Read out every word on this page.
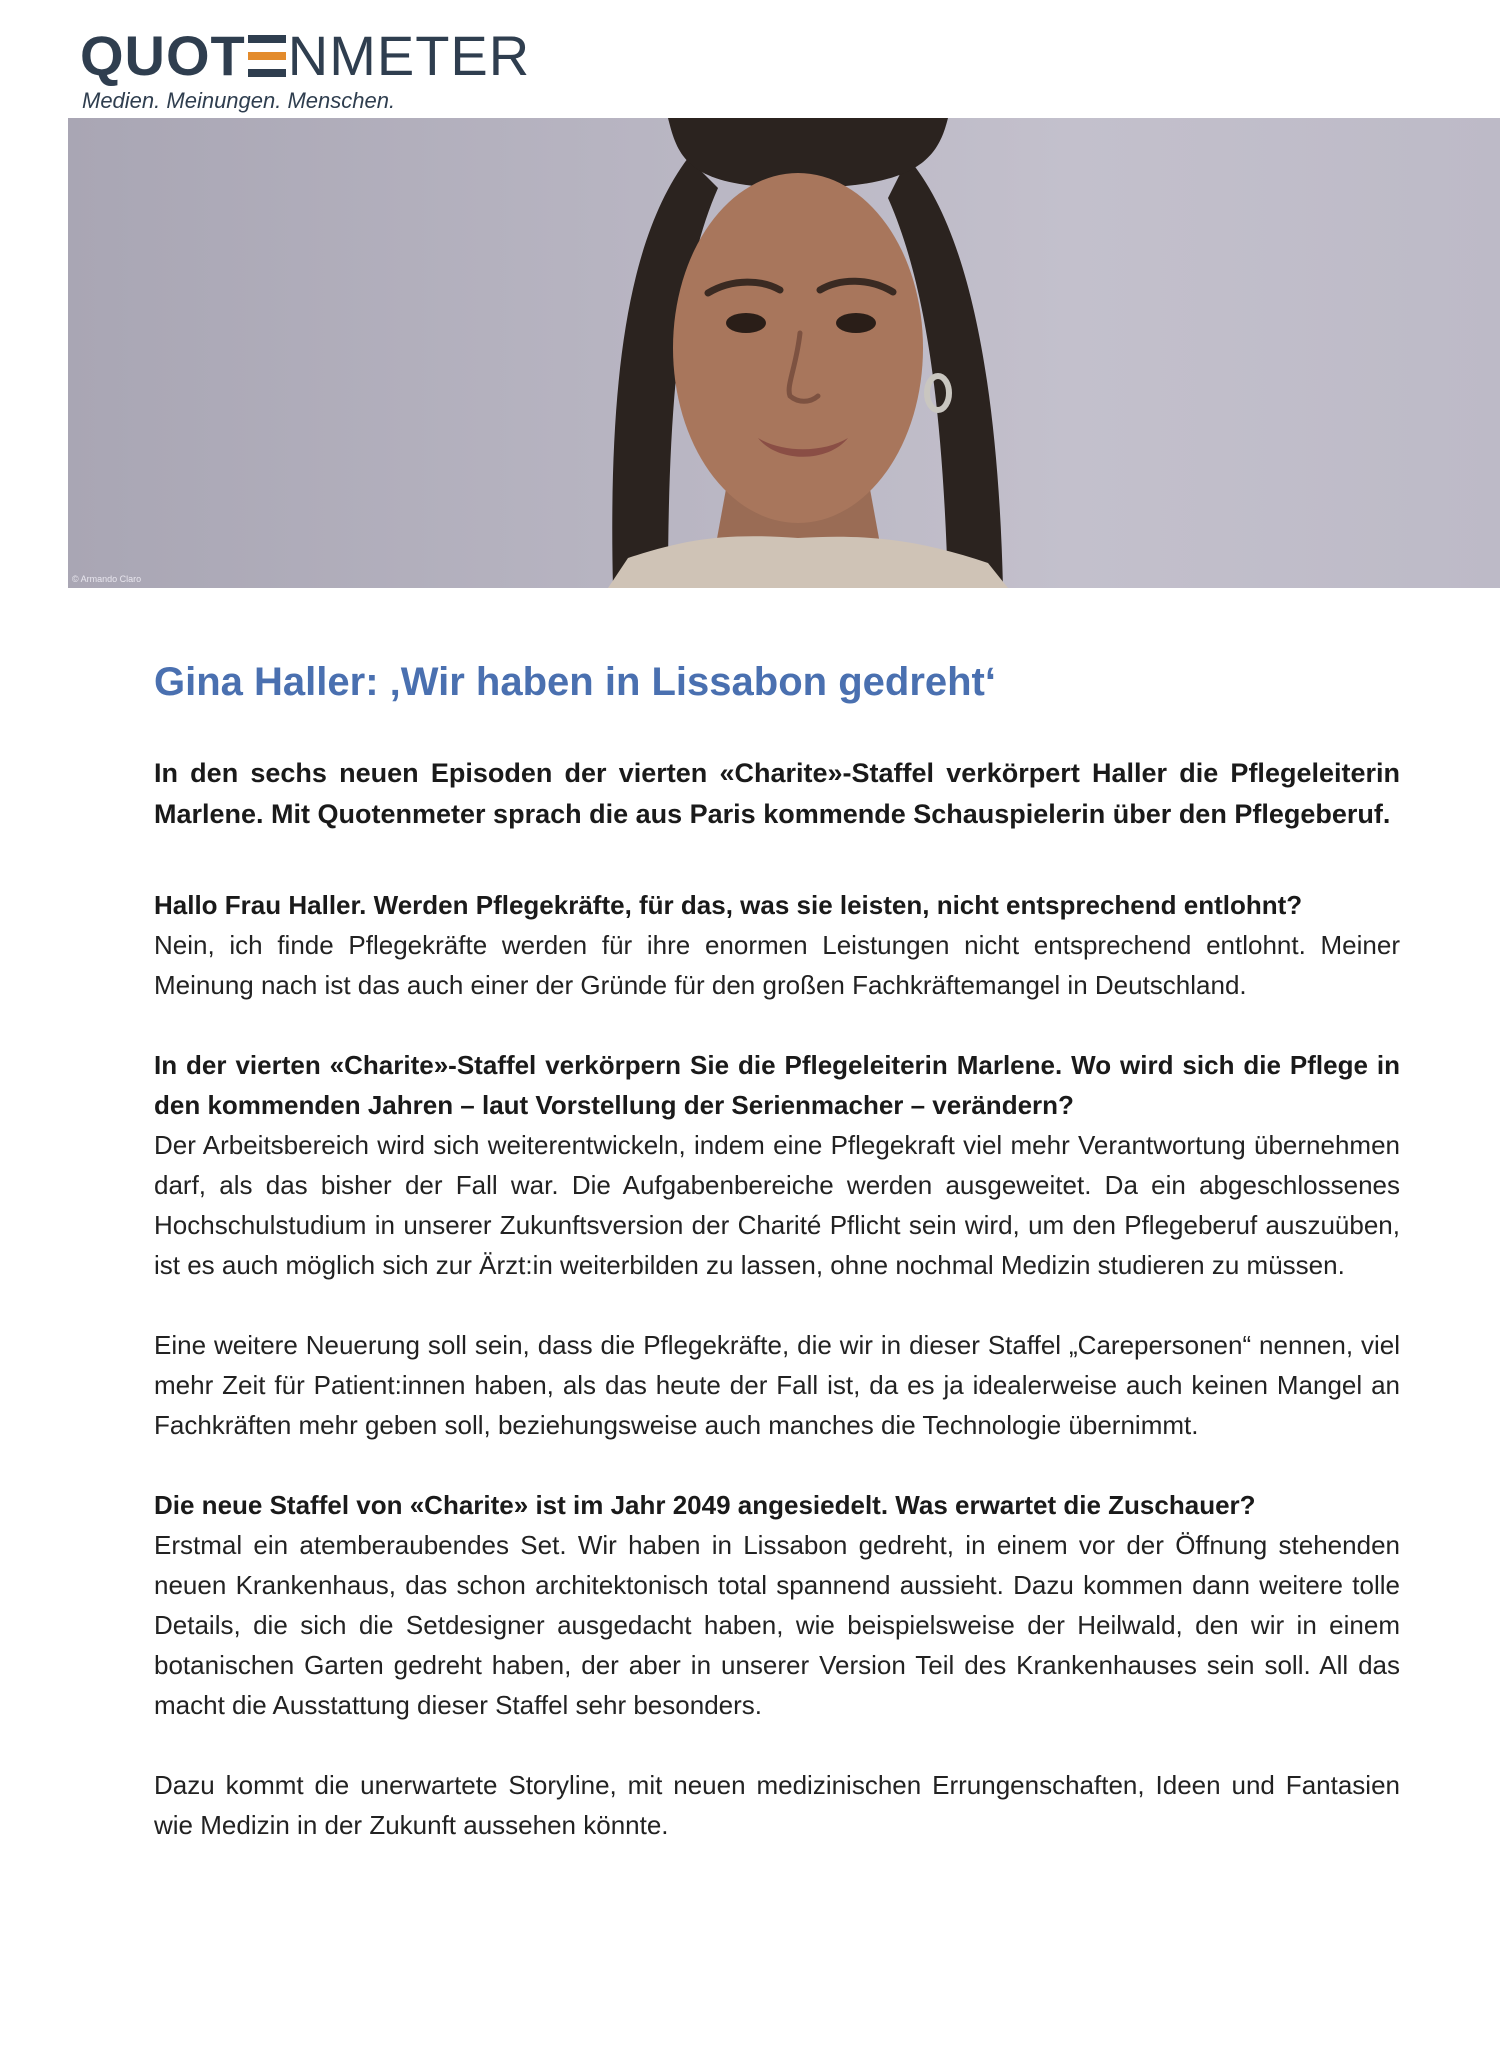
QUOT NMETER
Medien. Meinungen. Menschen.
© Armando Claro
Gina Haller: ‚Wir haben in Lissabon gedreht‘

In den sechs neuen Episoden der vierten «Charite»-Staffel verkörpert Haller die Pflegeleiterin Marlene. Mit Quotenmeter sprach die aus Paris kommende Schauspielerin über den Pflegeberuf.

Hallo Frau Haller. Werden Pflegekräfte, für das, was sie leisten, nicht entsprechend entlohnt?

Nein, ich finde Pflegekräfte werden für ihre enormen Leistungen nicht entsprechend entlohnt. Meiner Meinung nach ist das auch einer der Gründe für den großen Fachkräftemangel in Deutschland.

In der vierten «Charite»-Staffel verkörpern Sie die Pflegeleiterin Marlene. Wo wird sich die Pflege in den kommenden Jahren – laut Vorstellung der Serienmacher – verändern?

Der Arbeitsbereich wird sich weiterentwickeln, indem eine Pflegekraft viel mehr Verantwortung übernehmen darf, als das bisher der Fall war. Die Aufgabenbereiche werden ausgeweitet. Da ein abgeschlossenes Hochschulstudium in unserer Zukunftsversion der Charité Pflicht sein wird, um den Pflegeberuf auszuüben, ist es auch möglich sich zur Ärzt:in weiterbilden zu lassen, ohne nochmal Medizin studieren zu müssen.

Eine weitere Neuerung soll sein, dass die Pflegekräfte, die wir in dieser Staffel „Carepersonen“ nennen, viel mehr Zeit für Patient:innen haben, als das heute der Fall ist, da es ja idealerweise auch keinen Mangel an Fachkräften mehr geben soll, beziehungsweise auch manches die Technologie übernimmt.

Die neue Staffel von «Charite» ist im Jahr 2049 angesiedelt. Was erwartet die Zuschauer?

Erstmal ein atemberaubendes Set. Wir haben in Lissabon gedreht, in einem vor der Öffnung stehenden neuen Krankenhaus, das schon architektonisch total spannend aussieht. Dazu kommen dann weitere tolle Details, die sich die Setdesigner ausgedacht haben, wie beispielsweise der Heilwald, den wir in einem botanischen Garten gedreht haben, der aber in unserer Version Teil des Krankenhauses sein soll. All das macht die Ausstattung dieser Staffel sehr besonders.

Dazu kommt die unerwartete Storyline, mit neuen medizinischen Errungenschaften, Ideen und Fantasien wie Medizin in der Zukunft aussehen könnte.
